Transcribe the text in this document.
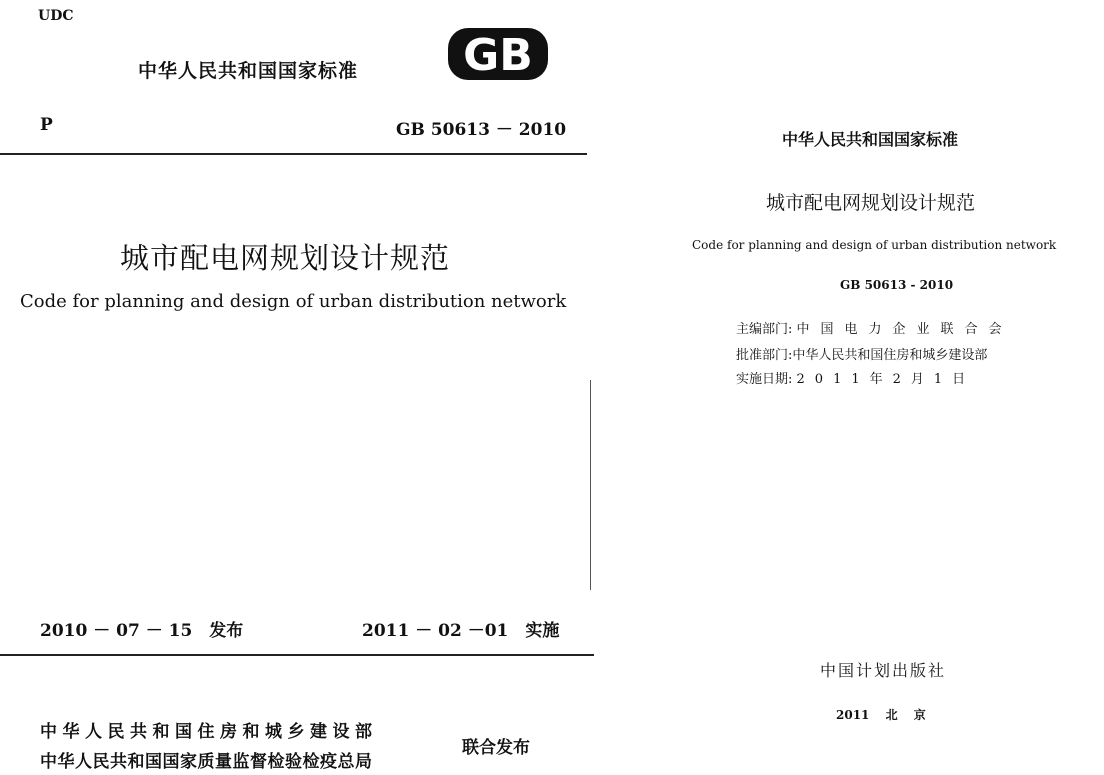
UDC
中华人民共和国国家标准 GB
P	GB 50613 － 2010
城市配电网规划设计规范
Code for planning and design of urban distribution network
2010 － 07 － 15　发布	2011 － 02 －01　实施
中华人民共和国住房和城乡建设部
中华人民共和国国家质量监督检验检疫总局
联合发布
中华人民共和国国家标准
城市配电网规划设计规范
Code for planning and design of urban distribution network
GB 50613 - 2010
主编部门: 中国电力企业联合会
批准部门:中华人民共和国住房和城乡建设部
实施日期: 2011年2月1日
中国计划出版社
2011 北 京
